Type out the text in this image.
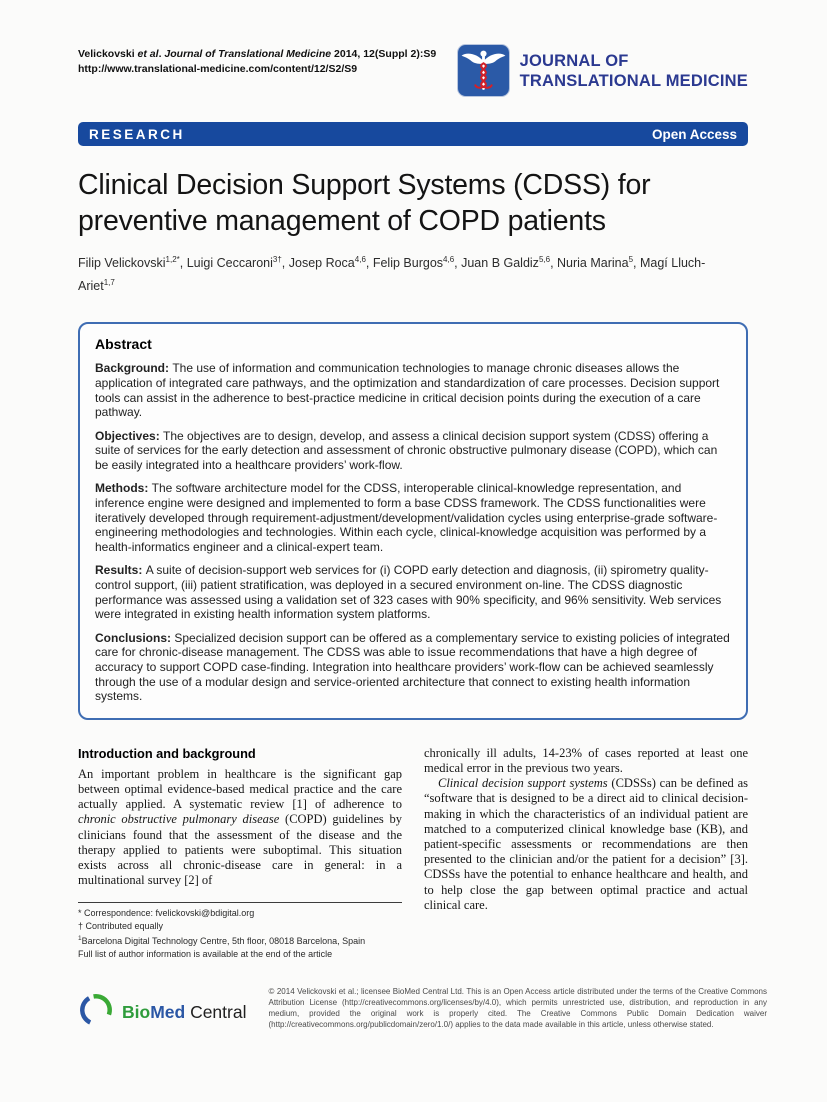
Velickovski et al. Journal of Translational Medicine 2014, 12(Suppl 2):S9
http://www.translational-medicine.com/content/12/S2/S9	JOURNAL OF
TRANSLATIONAL MEDICINE
RESEARCH	Open Access
Clinical Decision Support Systems (CDSS) for
preventive management of COPD patients
Filip Velickovski$^{1,2*}$, Luigi Ceccaroni$^{3\dagger}$, Josep Roca$^{4,6}$, Felip Burgos$^{4,6}$, Juan B Galdiz$^{5,6}$, Nuria Marina$^5$, Magí Lluch-Ariet$^{1,7}$
Abstract

Background: The use of information and communication technologies to manage chronic diseases allows the application of integrated care pathways, and the optimization and standardization of care processes. Decision support tools can assist in the adherence to best-practice medicine in critical decision points during the execution of a care pathway.

Objectives: The objectives are to design, develop, and assess a clinical decision support system (CDSS) offering a suite of services for the early detection and assessment of chronic obstructive pulmonary disease (COPD), which can be easily integrated into a healthcare providers’ work-flow.

Methods: The software architecture model for the CDSS, interoperable clinical-knowledge representation, and inference engine were designed and implemented to form a base CDSS framework. The CDSS functionalities were iteratively developed through requirement-adjustment/development/validation cycles using enterprise-grade software-engineering methodologies and technologies. Within each cycle, clinical-knowledge acquisition was performed by a health-informatics engineer and a clinical-expert team.

Results: A suite of decision-support web services for (i) COPD early detection and diagnosis, (ii) spirometry quality-control support, (iii) patient stratification, was deployed in a secured environment on-line. The CDSS diagnostic performance was assessed using a validation set of 323 cases with 90% specificity, and 96% sensitivity. Web services were integrated in existing health information system platforms.

Conclusions: Specialized decision support can be offered as a complementary service to existing policies of integrated care for chronic-disease management. The CDSS was able to issue recommendations that have a high degree of accuracy to support COPD case-finding. Integration into healthcare providers’ work-flow can be achieved seamlessly through the use of a modular design and service-oriented architecture that connect to existing health information systems.

Introduction and background

An important problem in healthcare is the significant gap between optimal evidence-based medical practice and the care actually applied. A systematic review [1] of adherence to chronic obstructive pulmonary disease (COPD) guidelines by clinicians found that the assessment of the disease and the therapy applied to patients were suboptimal. This situation exists across all chronic-disease care in general: in a multinational survey [2] of

* Correspondence: fvelickovski@bdigital.org
† Contributed equally
$^1$Barcelona Digital Technology Centre, 5th floor, 08018 Barcelona, Spain
Full list of author information is available at the end of the article

chronically ill adults, 14-23% of cases reported at least one medical error in the previous two years.

Clinical decision support systems (CDSSs) can be defined as “software that is designed to be a direct aid to clinical decision-making in which the characteristics of an individual patient are matched to a computerized clinical knowledge base (KB), and patient-specific assessments or recommendations are then presented to the clinician and/or the patient for a decision” [3]. CDSSs have the potential to enhance healthcare and health, and to help close the gap between optimal practice and actual clinical care.

BioMed Central

© 2014 Velickovski et al.; licensee BioMed Central Ltd. This is an Open Access article distributed under the terms of the Creative Commons Attribution License (http://creativecommons.org/licenses/by/4.0), which permits unrestricted use, distribution, and reproduction in any medium, provided the original work is properly cited. The Creative Commons Public Domain Dedication waiver (http://creativecommons.org/publicdomain/zero/1.0/) applies to the data made available in this article, unless otherwise stated.
